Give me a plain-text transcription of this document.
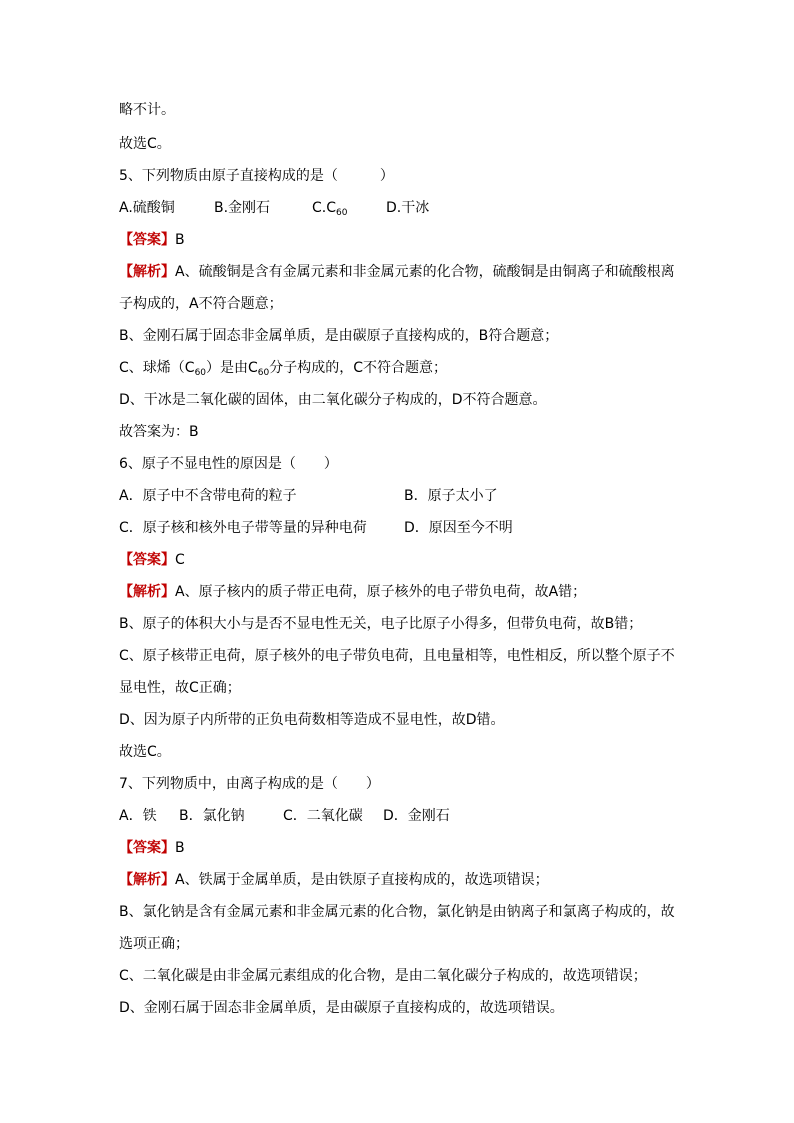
略不计。
故选C。
5、下列物质由原子直接构成的是（　　　）
A.硫酸铜	B.金刚石	$C.C_{60}$	D.干冰
【答案】B
【解析】A、硫酸铜是含有金属元素和非金属元素的化合物，硫酸铜是由铜离子和硫酸根离
子构成的，A不符合题意；
B、金刚石属于固态非金属单质，是由碳原子直接构成的，B符合题意；
C、球烯$(C_{60})$是由$C_{60}$分子构成的，C不符合题意；
D、干冰是二氧化碳的固体，由二氧化碳分子构成的，D不符合题意。
故答案为：B
6、原子不显电性的原因是（　　）
A．原子中不含带电荷的粒子	B．原子太小了
C．原子核和核外电子带等量的异种电荷	D．原因至今不明
【答案】C
【解析】A、原子核内的质子带正电荷，原子核外的电子带负电荷，故A错；
B、原子的体积大小与是否不显电性无关，电子比原子小得多，但带负电荷，故B错；
C、原子核带正电荷，原子核外的电子带负电荷，且电量相等，电性相反，所以整个原子不
显电性，故C正确；
D、因为原子内所带的正负电荷数相等造成不显电性，故D错。
故选C。
7、下列物质中，由离子构成的是（　　）
A．铁 B．氯化钠	C．二氧化碳 D．金刚石
【答案】B
【解析】A、铁属于金属单质，是由铁原子直接构成的，故选项错误；
B、氯化钠是含有金属元素和非金属元素的化合物，氯化钠是由钠离子和氯离子构成的，故
选项正确；
C、二氧化碳是由非金属元素组成的化合物，是由二氧化碳分子构成的，故选项错误；
D、金刚石属于固态非金属单质，是由碳原子直接构成的，故选项错误。
